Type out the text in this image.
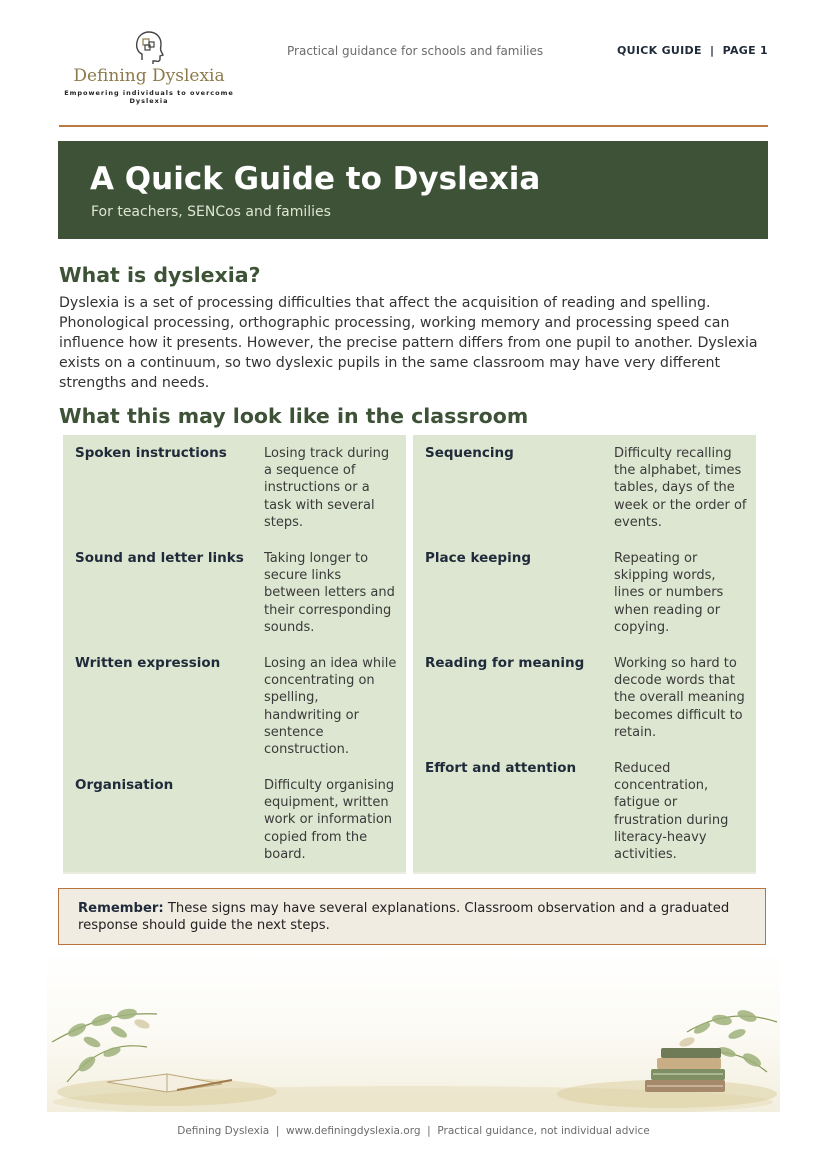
Defining Dyslexia
Empowering individuals to overcome Dyslexia
Practical guidance for schools and families	QUICK GUIDE  |  PAGE 1
A Quick Guide to Dyslexia
For teachers, SENCos and families
What is dyslexia?

Dyslexia is a set of processing difficulties that affect the acquisition of reading and spelling. Phonological processing, orthographic processing, working memory and processing speed can influence how it presents. However, the precise pattern differs from one pupil to another. Dyslexia exists on a continuum, so two dyslexic pupils in the same classroom may have very different strengths and needs.

What this may look like in the classroom
Spoken instructions	Losing track during a sequence of instructions or a task with several steps.
Sound and letter links	Taking longer to secure links between letters and their corresponding sounds.
Written expression	Losing an idea while concentrating on spelling, handwriting or sentence construction.
Organisation	Difficulty organising equipment, written work or information copied from the board.
Sequencing	Difficulty recalling the alphabet, times tables, days of the week or the order of events.
Place keeping	Repeating or skipping words, lines or numbers when reading or copying.
Reading for meaning	Working so hard to decode words that the overall meaning becomes difficult to retain.
Effort and attention	Reduced concentration, fatigue or frustration during literacy-heavy activities.

Remember: These signs may have several explanations. Classroom observation and a graduated response should guide the next steps.

Defining Dyslexia  |  www.definingdyslexia.org  |  Practical guidance, not individual advice
